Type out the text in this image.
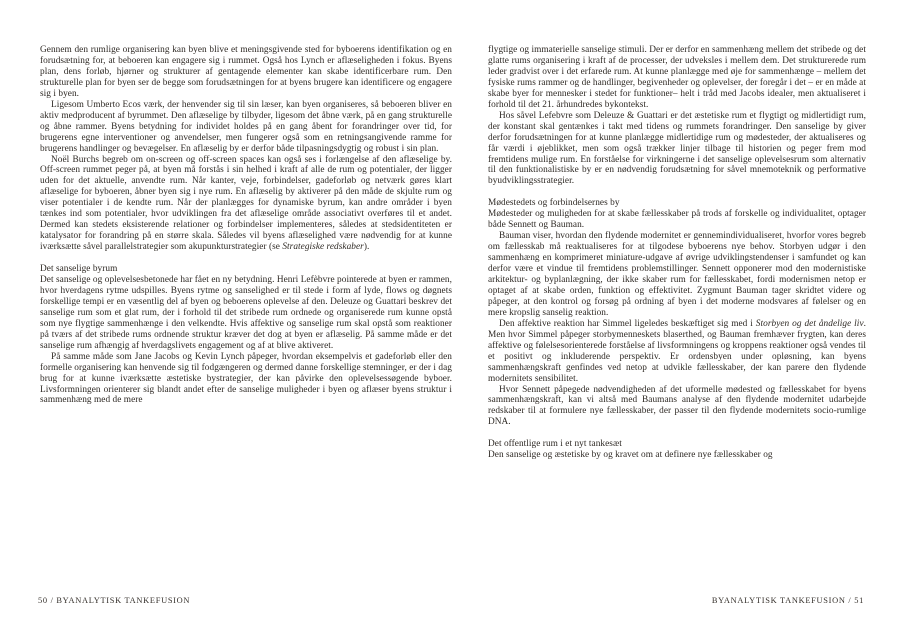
Gennem den rumlige organisering kan byen blive et meningsgivende sted for byboerens identifikation og en forudsætning for, at beboeren kan engagere sig i rummet. Også hos Lynch er aflæseligheden i fokus. Byens plan, dens forløb, hjørner og strukturer af gentagende elementer kan skabe identificerbare rum. Den strukturelle plan for byen ser de begge som forudsætningen for at byens brugere kan identificere og engagere sig i byen.

Ligesom Umberto Ecos værk, der henvender sig til sin læser, kan byen organiseres, så beboeren bliver en aktiv medproducent af byrummet. Den aflæselige by tilbyder, ligesom det åbne værk, på en gang strukturelle og åbne rammer. Byens betydning for individet holdes på en gang åbent for forandringer over tid, for brugerens egne interventioner og anvendelser, men fungerer også som en retningsangivende ramme for brugerens handlinger og bevægelser. En aflæselig by er derfor både tilpasningsdygtig og robust i sin plan.

Noël Burchs begreb om on-screen og off-screen spaces kan også ses i forlængelse af den aflæselige by. Off-screen rummet peger på, at byen må forstås i sin helhed i kraft af alle de rum og potentialer, der ligger uden for det aktuelle, anvendte rum. Når kanter, veje, forbindelser, gadeforløb og netværk gøres klart aflæselige for byboeren, åbner byen sig i nye rum. En aflæselig by aktiverer på den måde de skjulte rum og viser potentialer i de kendte rum. Når der planlægges for dynamiske byrum, kan andre områder i byen tænkes ind som potentialer, hvor udviklingen fra det aflæselige område associativt overføres til et andet. Dermed kan stedets eksisterende relationer og forbindelser implementeres, således at stedsidentiteten er katalysator for forandring på en større skala. Således vil byens aflæselighed være nødvendig for at kunne iværksætte såvel parallelstrategier som akupunkturstrategier (se Strategiske redskaber).

Det sanselige byrum

Det sanselige og oplevelsesbetonede har fået en ny betydning. Henri Lefèbvre pointerede at byen er rammen, hvor hverdagens rytme udspilles. Byens rytme og sanselighed er til stede i form af lyde, flows og døgnets forskellige tempi er en væsentlig del af byen og beboerens oplevelse af den. Deleuze og Guattari beskrev det sanselige rum som et glat rum, der i forhold til det stribede rum ordnede og organiserede rum kunne opstå som nye flygtige sammenhænge i den velkendte. Hvis affektive og sanselige rum skal opstå som reaktioner på tværs af det stribede rums ordnende struktur kræver det dog at byen er aflæselig. På samme måde er det sanselige rum afhængig af hverdagslivets engagement og af at blive aktiveret.

På samme måde som Jane Jacobs og Kevin Lynch påpeger, hvordan eksempelvis et gadeforløb eller den formelle organisering kan henvende sig til fodgængeren og dermed danne forskellige stemninger, er der i dag brug for at kunne iværksætte æstetiske bystrategier, der kan påvirke den oplevelsessøgende byboer. Livsformningen orienterer sig blandt andet efter de sanselige muligheder i byen og aflæser byens struktur i sammenhæng med de mere

flygtige og immaterielle sanselige stimuli. Der er derfor en sammenhæng mellem det stribede og det glatte rums organisering i kraft af de processer, der udveksles i mellem dem. Det strukturerede rum leder gradvist over i det erfarede rum. At kunne planlægge med øje for sammenhænge – mellem det fysiske rums rammer og de handlinger, begivenheder og oplevelser, der foregår i det – er en måde at skabe byer for mennesker i stedet for funktioner– helt i tråd med Jacobs idealer, men aktualiseret i forhold til det 21. århundredes bykontekst.

Hos såvel Lefebvre som Deleuze & Guattari er det æstetiske rum et flygtigt og midlertidigt rum, der konstant skal gentænkes i takt med tidens og rummets forandringer. Den sanselige by giver derfor forudsætningen for at kunne planlægge midlertidige rum og mødesteder, der aktualiseres og får værdi i øjeblikket, men som også trækker linjer tilbage til historien og peger frem mod fremtidens mulige rum. En forståelse for virkningerne i det sanselige oplevelsesrum som alternativ til den funktionalistiske by er en nødvendig forudsætning for såvel mnemoteknik og performative byudviklingsstrategier.

Mødestedets og forbindelsernes by

Mødesteder og muligheden for at skabe fællesskaber på trods af forskelle og individualitet, optager både Sennett og Bauman.

Bauman viser, hvordan den flydende modernitet er gennemindividualiseret, hvorfor vores begreb om fællesskab må reaktualiseres for at tilgodese byboerens nye behov. Storbyen udgør i den sammenhæng en komprimeret miniature-udgave af øvrige udviklingstendenser i samfundet og kan derfor være et vindue til fremtidens problemstillinger. Sennett opponerer mod den modernistiske arkitektur- og byplanlægning, der ikke skaber rum for fællesskabet, fordi modernismen netop er optaget af at skabe orden, funktion og effektivitet. Zygmunt Bauman tager skridtet videre og påpeger, at den kontrol og forsøg på ordning af byen i det moderne modsvares af følelser og en mere kropslig sanselig reaktion.

Den affektive reaktion har Simmel ligeledes beskæftiget sig med i Storbyen og det åndelige liv. Men hvor Simmel påpeger storbymenneskets blaserthed, og Bauman fremhæver frygten, kan deres affektive og følelsesorienterede forståelse af livsformningens og kroppens reaktioner også vendes til et positivt og inkluderende perspektiv. Er ordensbyen under opløsning, kan byens sammenhængskraft genfindes ved netop at udvikle fællesskaber, der kan parere den flydende modernitets sensibilitet.

Hvor Sennett påpegede nødvendigheden af det uformelle mødested og fællesskabet for byens sammenhængskraft, kan vi altså med Baumans analyse af den flydende modernitet udarbejde redskaber til at formulere nye fællesskaber, der passer til den flydende modernitets socio-rumlige DNA.

Det offentlige rum i et nyt tankesæt

Den sanselige og æstetiske by og kravet om at definere nye fællesskaber og

50 / BYANALYTISK TANKEFUSION	BYANALYTISK TANKEFUSION / 51
